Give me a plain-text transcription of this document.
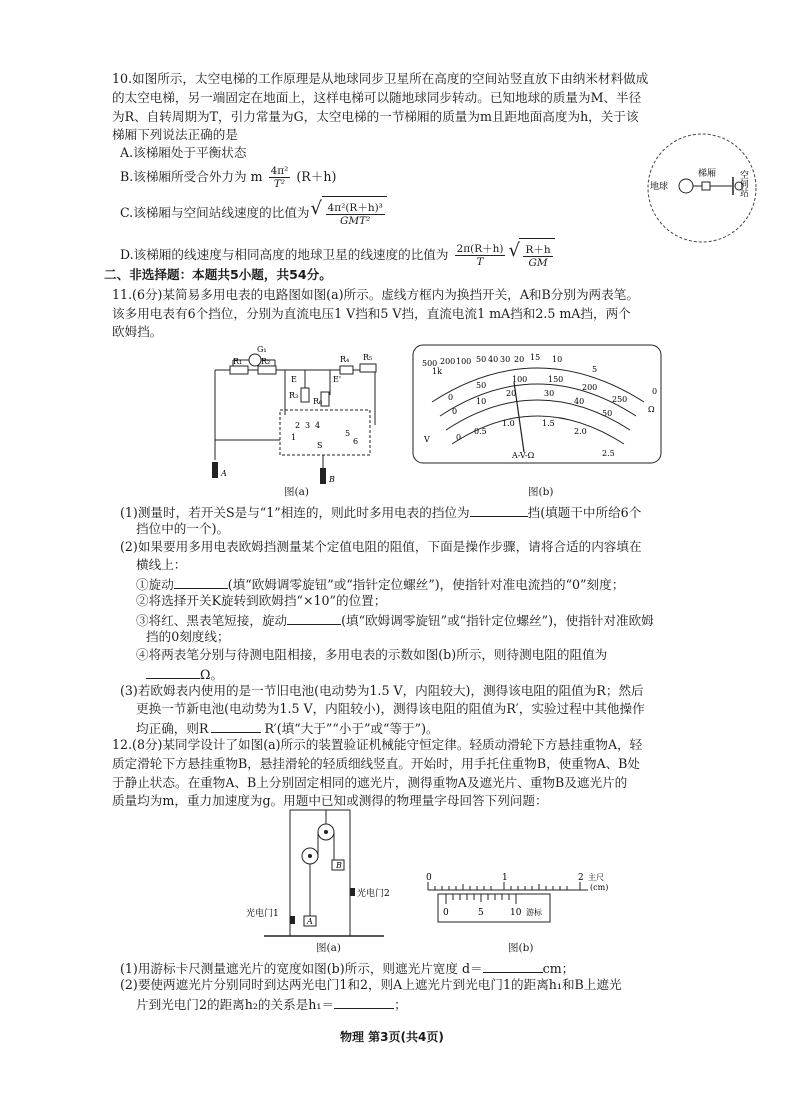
10.如图所示，太空电梯的工作原理是从地球同步卫星所在高度的空间站竖直放下由纳米材料做成
的太空电梯，另一端固定在地面上，这样电梯可以随地球同步转动。已知地球的质量为M、半径
为R、自转周期为T，引力常量为G，太空电梯的一节梯厢的质量为m且距地面高度为h，关于该
梯厢下列说法正确的是
A.该梯厢处于平衡状态
B.该梯厢所受合外力为 m $\frac{\text{4π²}}{\text{T²}} (R+h)$
C.该梯厢与空间站线速度的比值为 √ $\frac{\text{4π²(R＋h)³}}{\text{GMT²}}$
D.该梯厢的线速度与相同高度的地球卫星的线速度的比值为 $\frac{2\pi(R+h)}{T}$
√ $\frac{R+h}{GM}$
地球
梯厢 空间站
二、非选择题：本题共5小题，共54分。
11.(6分)某简易多用电表的电路图如图(a)所示。虚线方框内为换挡开关，A和B分别为两表笔。
该多用电表有6个挡位，分别为直流电压1 V挡和5 V挡，直流电流1 mA挡和2.5 mA挡，两个
欧姆挡。
G₁
R₁ R₂
E	E'
R₃
R₆
R₄ R₅
1
2 3 4
5
6
S
A
B
图(a)
1k
500 200 100 50 40 30 20 15 10
5
0
Ω
0
50
100	150
200
250
0
10
20	30
40
50
0
0.5
1.0	1.5
2.0
2.5
V
A-V-Ω
图(b)
(1)测量时，若开关S是与“1”相连的，则此时多用电表的挡位为	挡(填题干中所给6个
挡位中的一个)。
(2)如果要用多用电表欧姆挡测量某个定值电阻的阻值，下面是操作步骤，请将合适的内容填在
横线上：
①旋动	(填“欧姆调零旋钮”或“指针定位螺丝”)，使指针对准电流挡的“0”刻度；
②将选择开关K旋转到欧姆挡“×10”的位置；
③将红、黑表笔短接，旋动	(填“欧姆调零旋钮”或“指针定位螺丝”)，使指针对准欧姆
挡的0刻度线；
④将两表笔分别与待测电阻相接，多用电表的示数如图(b)所示，则待测电阻的阻值为
Ω。
(3)若欧姆表内使用的是一节旧电池(电动势为1.5 V，内阻较大)，测得该电阻的阻值为R；然后
更换一节新电池(电动势为1.5 V，内阻较小)，测得该电阻的阻值为R′，实验过程中其他操作
均正确，则R	R′(填“大于”“小于”或“等于”)。
12.(8分)某同学设计了如图(a)所示的装置验证机械能守恒定律。轻质动滑轮下方悬挂重物A，轻
质定滑轮下方悬挂重物B，悬挂滑轮的轻质细线竖直。开始时，用手托住重物B，使重物A、B处
于静止状态。在重物A、B上分别固定相同的遮光片，测得重物A及遮光片、重物B及遮光片的
质量均为m，重力加速度为g。用题中已知或测得的物理量字母回答下列问题：
B
A
光电门1
光电门2
图(a)
0	1	2 主尺
(cm)
0	5	10 游标
图(b)
(1)用游标卡尺测量遮光片的宽度如图(b)所示，则遮光片宽度 d＝	cm；
(2)要使两遮光片分别同时到达两光电门1和2，则A上遮光片到光电门1的距离h₁和B上遮光
片到光电门2的距离h₂的关系是h₁＝	；
物理 第3页(共4页)
